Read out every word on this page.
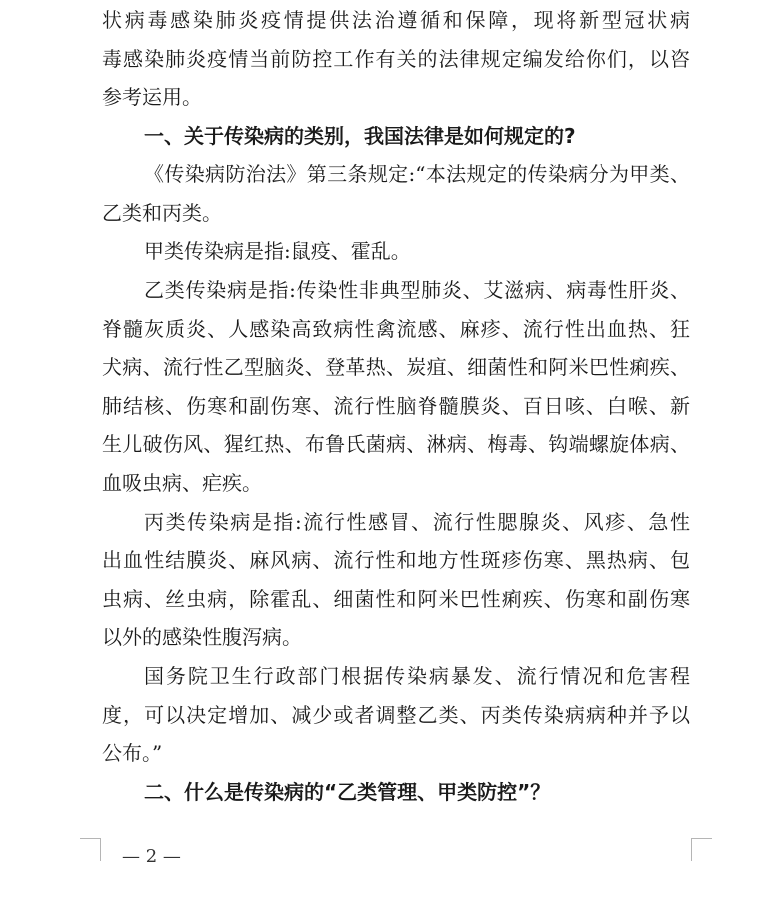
状病毒感染肺炎疫情提供法治遵循和保障，现将新型冠状病
毒感染肺炎疫情当前防控工作有关的法律规定编发给你们，以咨
参考运用。
一、关于传染病的类别，我国法律是如何规定的?
《传染病防治法》第三条规定:“本法规定的传染病分为甲类、
乙类和丙类。
甲类传染病是指:鼠疫、霍乱。
乙类传染病是指:传染性非典型肺炎、艾滋病、病毒性肝炎、
脊髓灰质炎、人感染高致病性禽流感、麻疹、流行性出血热、狂
犬病、流行性乙型脑炎、登革热、炭疽、细菌性和阿米巴性痢疾、
肺结核、伤寒和副伤寒、流行性脑脊髓膜炎、百日咳、白喉、新
生儿破伤风、猩红热、布鲁氏菌病、淋病、梅毒、钩端螺旋体病、
血吸虫病、疟疾。
丙类传染病是指:流行性感冒、流行性腮腺炎、风疹、急性
出血性结膜炎、麻风病、流行性和地方性斑疹伤寒、黑热病、包
虫病、丝虫病，除霍乱、细菌性和阿米巴性痢疾、伤寒和副伤寒
以外的感染性腹泻病。
国务院卫生行政部门根据传染病暴发、流行情况和危害程
度，可以决定增加、减少或者调整乙类、丙类传染病病种并予以
公布。”
二、什么是传染病的“乙类管理、甲类防控”？
— 2 —
